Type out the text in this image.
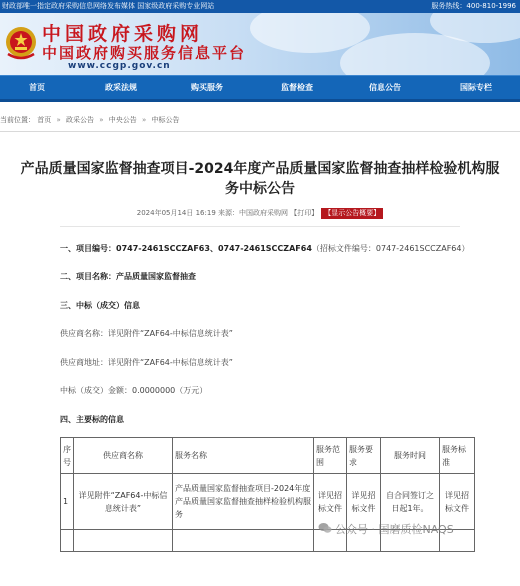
财政部唯一指定政府采购信息网络发布媒体 国家级政府采购专业网站	服务热线：400-810-1996
中国政府采购网
中国政府购买服务信息平台
www.ccgp.gov.cn
首页	政采法规	购买服务	监督检查	信息公告	国际专栏
当前位置： 首页 » 政采公告 » 中央公告 » 中标公告
产品质量国家监督抽查项目-2024年度产品质量国家监督抽查抽样检验机构服务中标公告
2024年05月14日 16:19 来源：中国政府采购网 【打印】 【显示公告概要】
一、项目编号：0747-2461SCCZAF63、0747-2461SCCZAF64（招标文件编号：0747-2461SCCZAF64）
二、项目名称：产品质量国家监督抽查
三、中标（成交）信息
供应商名称：详见附件“ZAF64-中标信息统计表”
供应商地址：详见附件“ZAF64-中标信息统计表”
中标（成交）金额：0.0000000（万元）
四、主要标的信息
序号	供应商名称	服务名称	服务范围	服务要求	服务时间	服务标准
1	详见附件“ZAF64-中标信息统计表”	产品质量国家监督抽查项目-2024年度产品质量国家监督抽查抽样检验机构服务	详见招标文件	详见招标文件	自合同签订之日起1年。	详见招标文件

公众号 · 国磨质检NAQS
